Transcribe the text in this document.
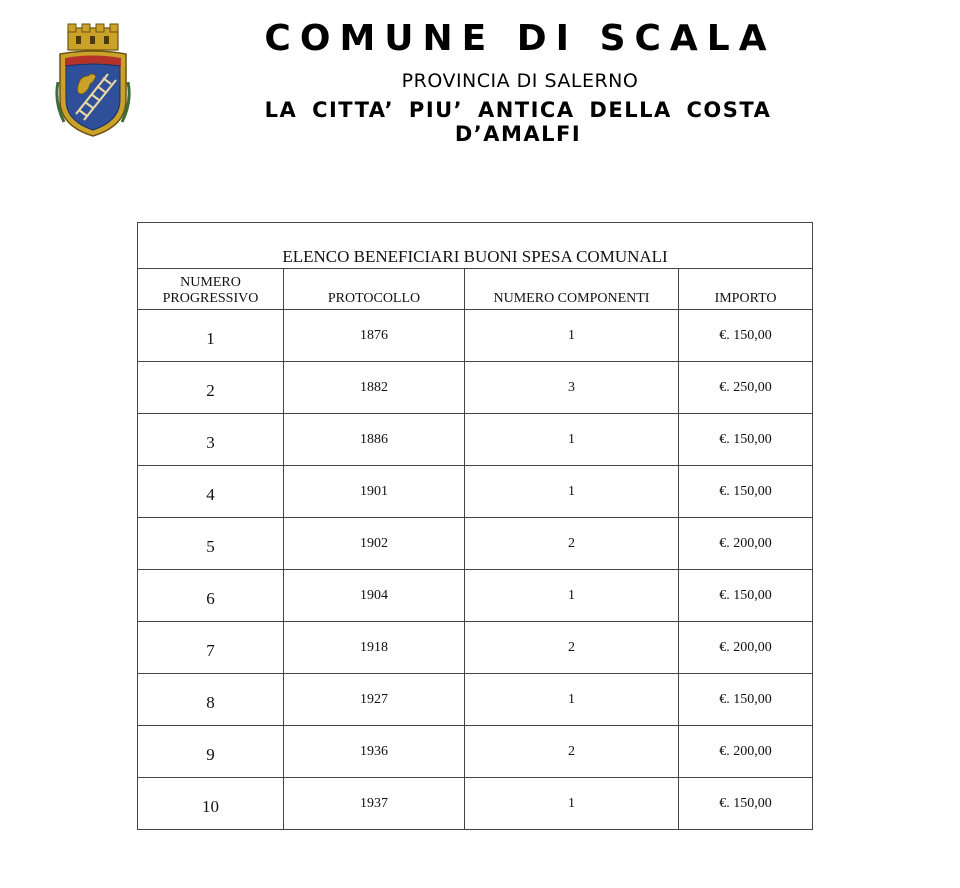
COMUNE DI SCALA
PROVINCIA DI SALERNO
LA CITTA’ PIU’ ANTICA DELLA COSTA D’AMALFI
ELENCO BENEFICIARI BUONI SPESA COMUNALI			
NUMERO
PROGRESSIVO	PROTOCOLLO	NUMERO COMPONENTI	IMPORTO
1	1876	1	€. 150,00
2	1882	3	€. 250,00
3	1886	1	€. 150,00
4	1901	1	€. 150,00
5	1902	2	€. 200,00
6	1904	1	€. 150,00
7	1918	2	€. 200,00
8	1927	1	€. 150,00
9	1936	2	€. 200,00
10	1937	1	€. 150,00
